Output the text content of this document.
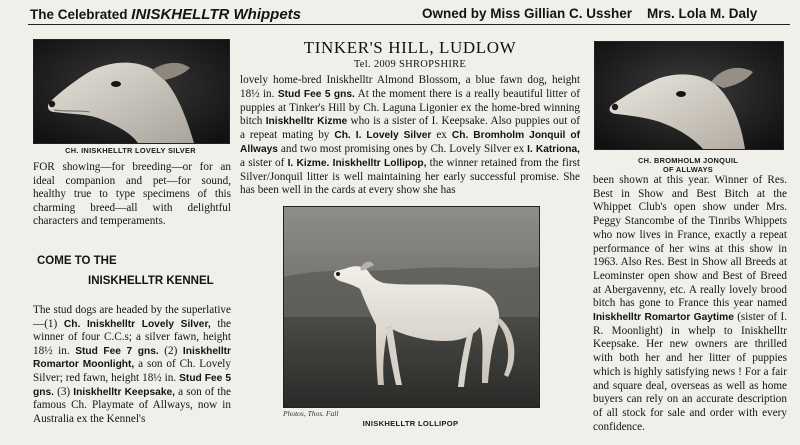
The Celebrated INISKHELLTR Whippets	Owned by Miss Gillian C. Ussher Mrs. Lola M. Daly
CH. INISKHELLTR LOVELY SILVER
CH. BROMHOLM JONQUIL
OF ALLWAYS
TINKER'S HILL, LUDLOW
Tel. 2009 SHROPSHIRE

FOR showing—for breeding—or for an ideal companion and pet—for sound, healthy true to type specimens of this charming breed—all with delightful characters and temperaments.

COME TO THE
INISKHELLTR KENNEL

The stud dogs are headed by the superlative—(1) Ch. Iniskhelltr Lovely Silver, the winner of four C.C.s; a silver fawn, height 18½ in. Stud Fee 7 gns. (2) Iniskhelltr Romartor Moonlight, a son of Ch. Lovely Silver; red fawn, height 18½ in. Stud Fee 5 gns. (3) Iniskhelltr Keepsake, a son of the famous Ch. Playmate of Allways, now in Australia ex the Kennel's

lovely home-bred Iniskhelltr Almond Blossom, a blue fawn dog, height 18½ in. Stud Fee 5 gns. At the moment there is a really beautiful litter of puppies at Tinker's Hill by Ch. Laguna Ligonier ex the home-bred winning bitch Iniskhelltr Kizme who is a sister of I. Keepsake. Also puppies out of a repeat mating by Ch. I. Lovely Silver ex Ch. Bromholm Jonquil of Allways and two most promising ones by Ch. Lovely Silver ex I. Katriona, a sister of I. Kizme. Iniskhelltr Lollipop, the winner retained from the first Silver/Jonquil litter is well maintaining her early successful promise. She has been well in the cards at every show she has

Photos, Thos. Fall
INISKHELLTR LOLLIPOP

been shown at this year. Winner of Res. Best in Show and Best Bitch at the Whippet Club's open show under Mrs. Peggy Stancombe of the Tinribs Whippets who now lives in France, exactly a repeat performance of her wins at this show in 1963. Also Res. Best in Show all Breeds at Leominster open show and Best of Breed at Abergavenny, etc. A really lovely brood bitch has gone to France this year named Iniskhelltr Romartor Gaytime (sister of I. R. Moonlight) in whelp to Iniskhelltr Keepsake. Her new owners are thrilled with both her and her litter of puppies which is highly satisfying news ! For a fair and square deal, overseas as well as home buyers can rely on an accurate description of all stock for sale and order with every confidence.
